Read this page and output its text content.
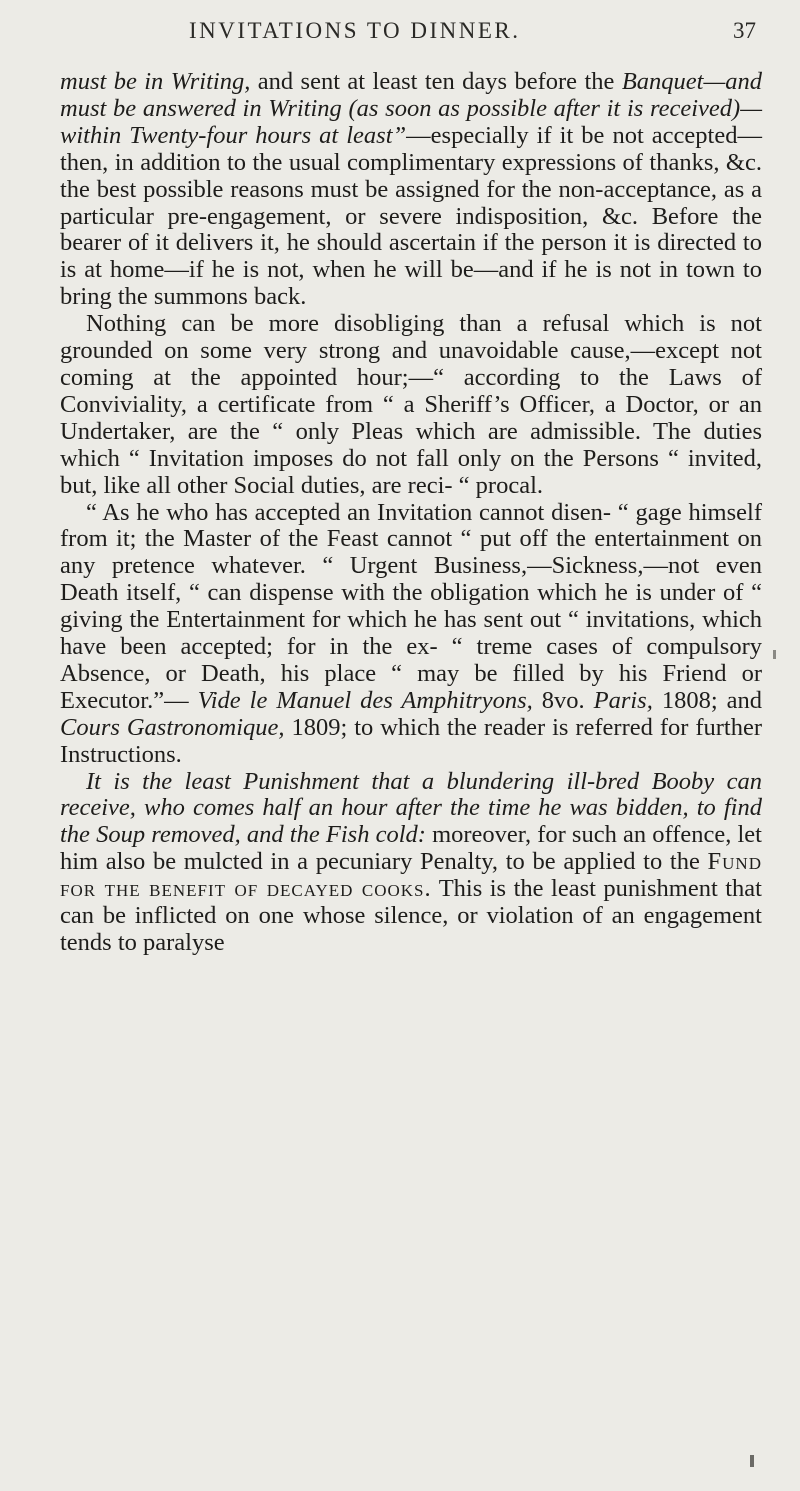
INVITATIONS TO DINNER.	37

must be in Writing, and sent at least ten days before the Banquet—and must be answered in Writing (as soon as possible after it is received)—within Twenty-four hours at least”—especially if it be not accepted—then, in addition to the usual complimentary expressions of thanks, &c. the best possible reasons must be assigned for the non-acceptance, as a particular pre-engagement, or severe indisposition, &c. Before the bearer of it delivers it, he should ascertain if the person it is directed to is at home—if he is not, when he will be—and if he is not in town to bring the summons back.

Nothing can be more disobliging than a refusal which is not grounded on some very strong and unavoidable cause,—except not coming at the appointed hour;—“ according to the Laws of Conviviality, a certificate from “ a Sheriff’s Officer, a Doctor, or an Undertaker, are the “ only Pleas which are admissible. The duties which “ Invitation imposes do not fall only on the Persons “ invited, but, like all other Social duties, are reci- “ procal.

“ As he who has accepted an Invitation cannot disen- “ gage himself from it; the Master of the Feast cannot “ put off the entertainment on any pretence whatever. “ Urgent Business,—Sickness,—not even Death itself, “ can dispense with the obligation which he is under of “ giving the Entertainment for which he has sent out “ invitations, which have been accepted; for in the ex- “ treme cases of compulsory Absence, or Death, his place “ may be filled by his Friend or Executor.”— Vide le Manuel des Amphitryons, 8vo. Paris, 1808; and Cours Gastronomique, 1809; to which the reader is referred for further Instructions.

It is the least Punishment that a blundering ill-bred Booby can receive, who comes half an hour after the time he was bidden, to find the Soup removed, and the Fish cold: moreover, for such an offence, let him also be mulcted in a pecuniary Penalty, to be applied to the Fund for the benefit of decayed cooks. This is the least punishment that can be inflicted on one whose silence, or violation of an engagement tends to paralyse
